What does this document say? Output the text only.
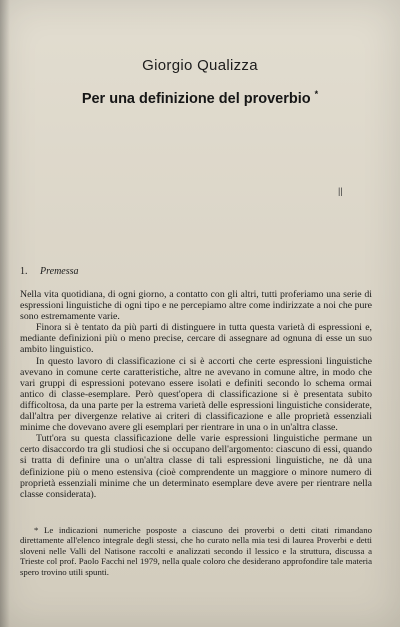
Giorgio Qualizza
Per una definizione del proverbio *
||
1. Premessa

Nella vita quotidiana, di ogni giorno, a contatto con gli altri, tutti proferiamo una serie di espressioni linguistiche di ogni tipo e ne percepiamo altre come indirizzate a noi che pure sono estremamente varie.

Finora si è tentato da più parti di distinguere in tutta questa varietà di espressioni e, mediante definizioni più o meno precise, cercare di assegnare ad ognuna di esse un suo ambito linguistico.

In questo lavoro di classificazione ci si è accorti che certe espressioni linguistiche avevano in comune certe caratteristiche, altre ne avevano in comune altre, in modo che vari gruppi di espressioni potevano essere isolati e definiti secondo lo schema ormai antico di classe-esemplare. Però quest'opera di classificazione si è presentata subito difficoltosa, da una parte per la estrema varietà delle espressioni linguistiche considerate, dall'altra per divergenze relative ai criteri di classificazione e alle proprietà essenziali minime che dovevano avere gli esemplari per rientrare in una o in un'altra classe.

Tutt'ora su questa classificazione delle varie espressioni linguistiche permane un certo disaccordo tra gli studiosi che si occupano dell'argomento: ciascuno di essi, quando si tratta di definire una o un'altra classe di tali espressioni linguistiche, ne dà una definizione più o meno estensiva (cioè comprendente un maggiore o minore numero di proprietà essenziali minime che un determinato esemplare deve avere per rientrare nella classe considerata).

* Le indicazioni numeriche posposte a ciascuno dei proverbi o detti citati rimandano direttamente all'elenco integrale degli stessi, che ho curato nella mia tesi di laurea Proverbi e detti sloveni nelle Valli del Natisone raccolti e analizzati secondo il lessico e la struttura, discussa a Trieste col prof. Paolo Facchi nel 1979, nella quale coloro che desiderano approfondire tale materia spero trovino utili spunti.
